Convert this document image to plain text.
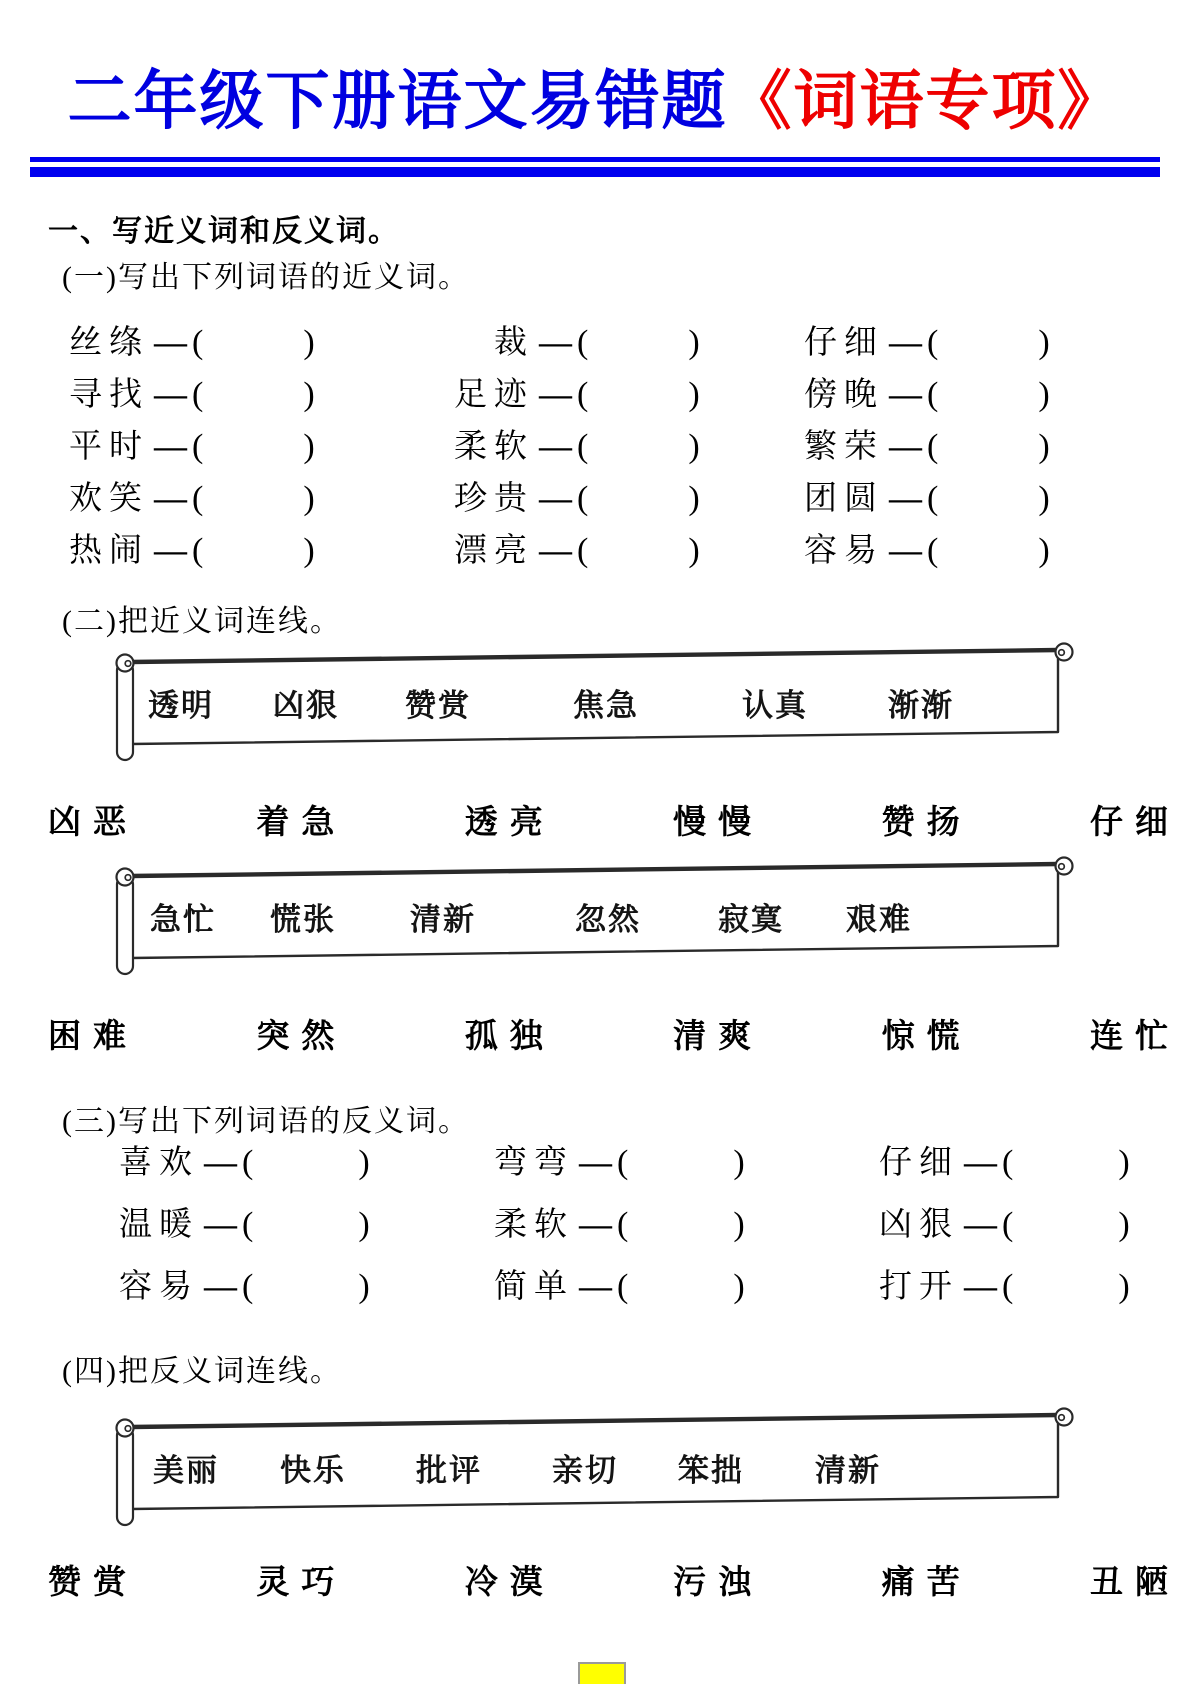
二年级下册语文易错题《词语专项》
一、写近义词和反义词。
(一)写出下列词语的近义词。
丝绦 — (	)	裁 — (	)	仔细 — (	)
寻找 — (	)	足迹 — (	)	傍晚 — (	)
平时 — (	)	柔软 — (	)	繁荣 — (	)
欢笑 — (	)	珍贵 — (	)	团圆 — (	)
热闹 — (	)	漂亮 — (	)	容易 — (	)
(二)把近义词连线。
透明 凶狠 赞赏	焦急	认真	渐渐
凶恶	着急	透亮	慢慢	赞扬	仔细
急忙 慌张 清新	忽然 寂寞 艰难
困难	突然	孤独	清爽	惊慌	连忙
(三)写出下列词语的反义词。
喜欢 — (	)	弯弯 — (	)	仔细 — (	)
温暖 — (	)	柔软 — (	)	凶狠 — (	)
容易 — (	)	简单 — (	)	打开 — (	)
(四)把反义词连线。
美丽 快乐 批评 亲切 笨拙 清新
赞赏	灵巧	冷漠	污浊	痛苦	丑陋
